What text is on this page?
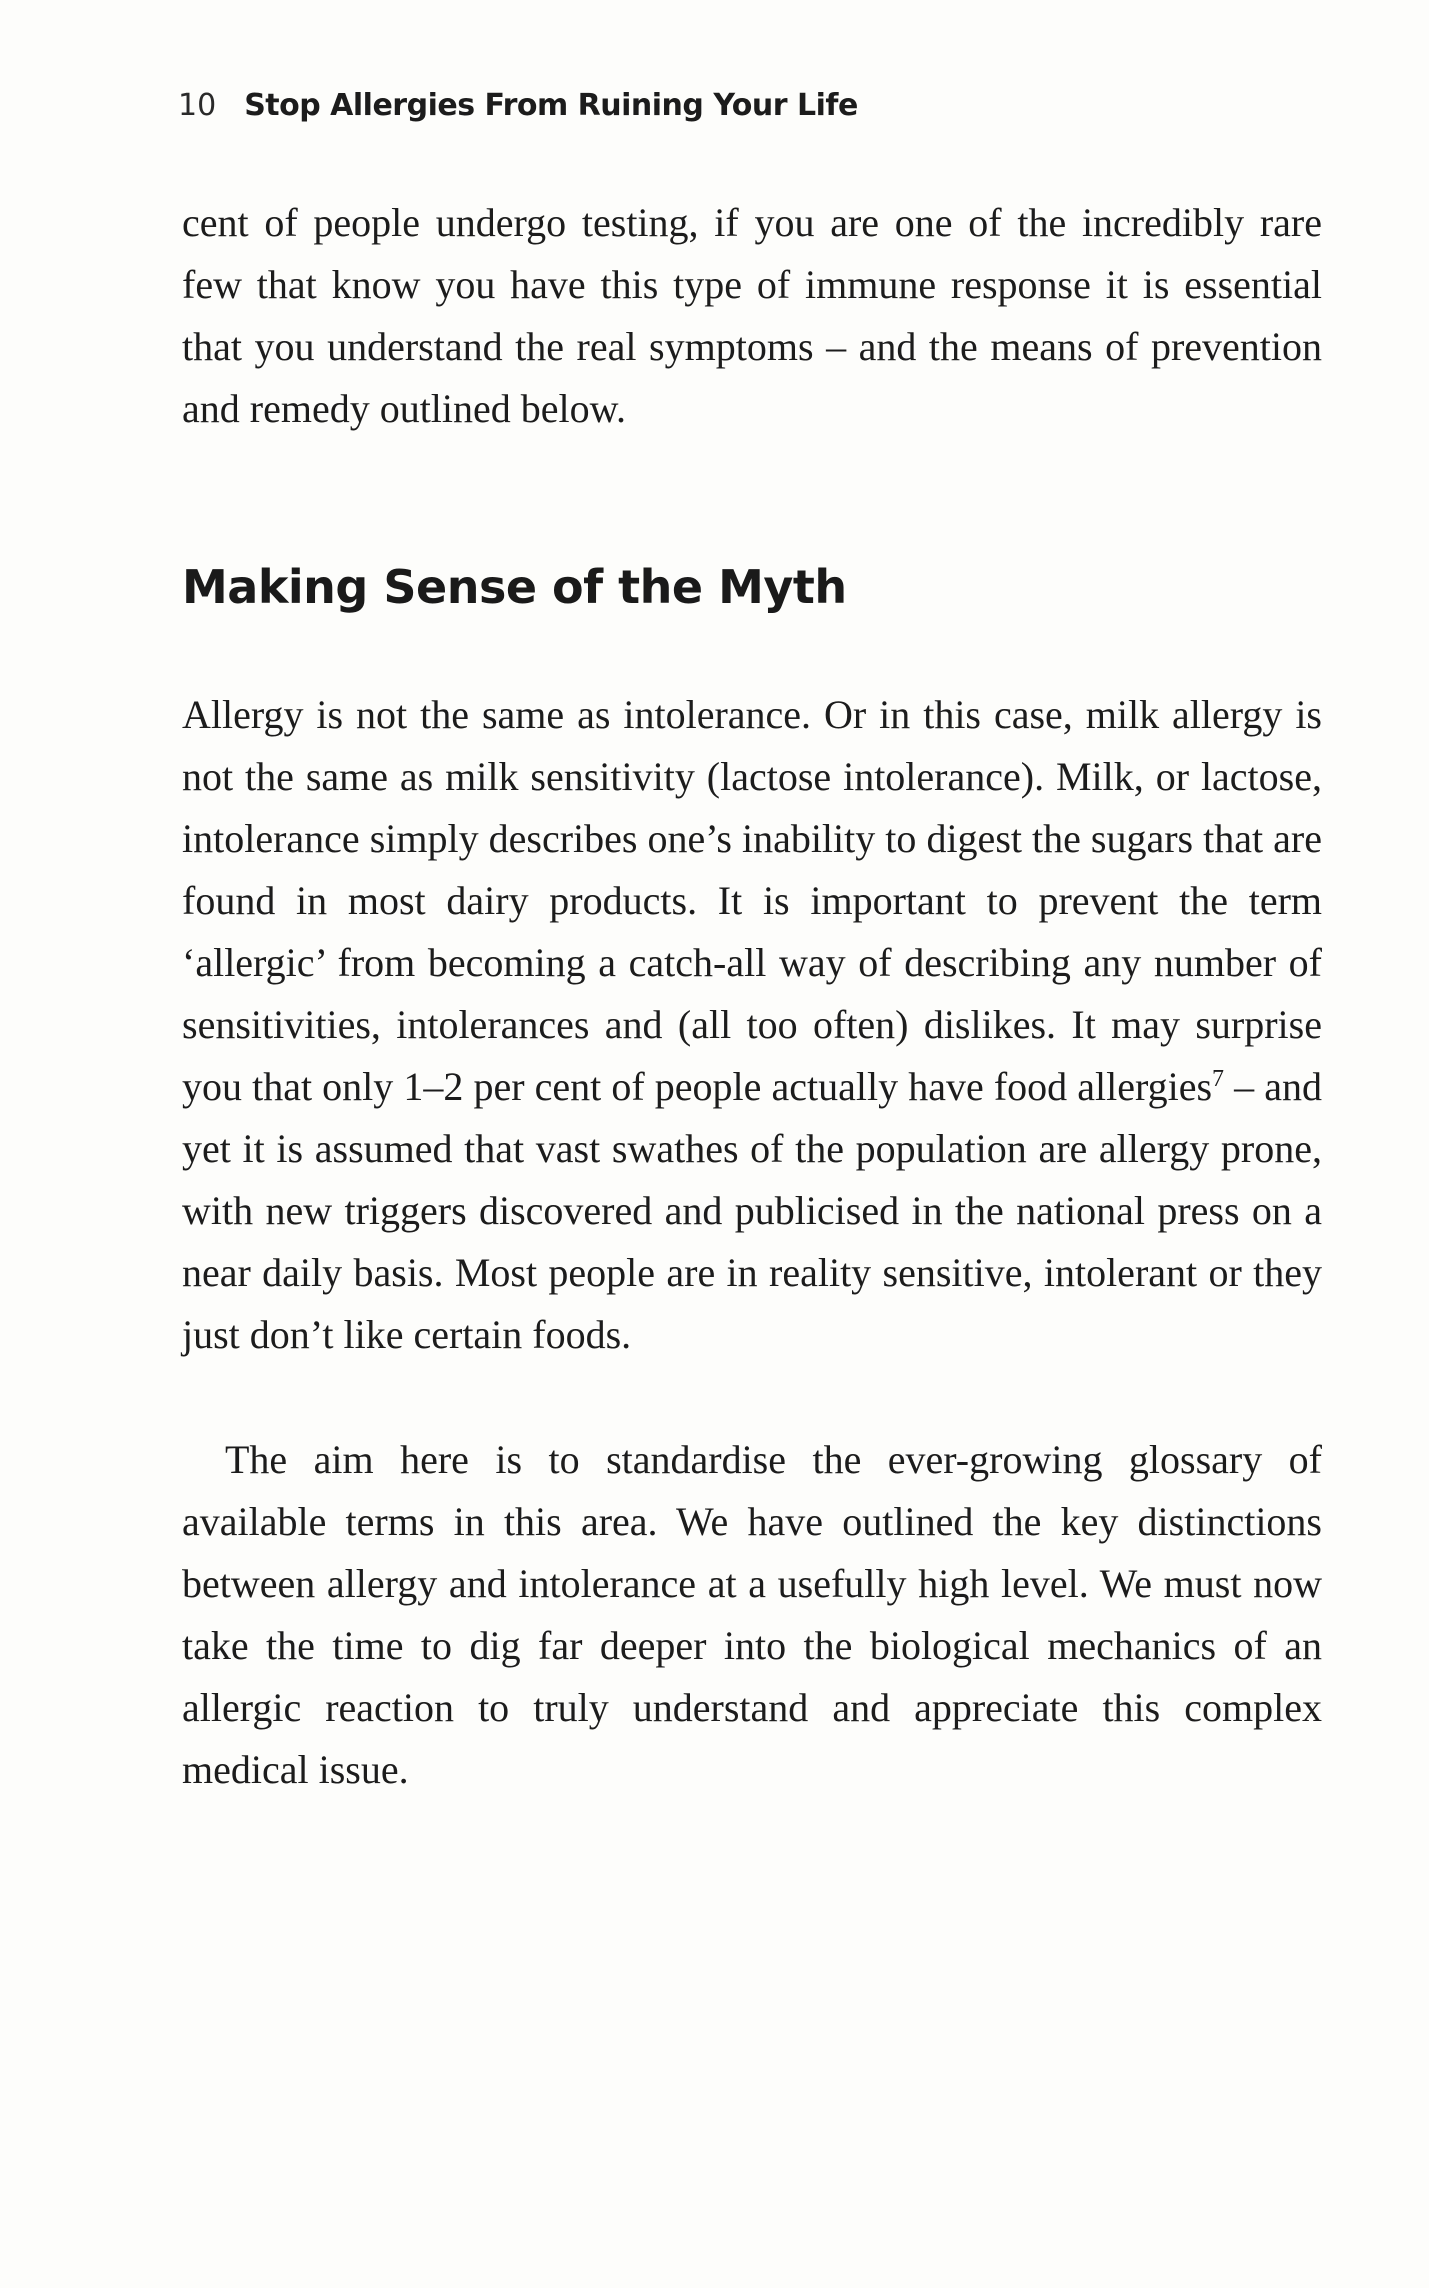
10 Stop Allergies From Ruining Your Life

cent of people undergo testing, if you are one of the incredibly rare few that know you have this type of immune response it is essential that you understand the real symptoms – and the means of prevention and remedy outlined below.

Making Sense of the Myth

Allergy is not the same as intolerance. Or in this case, milk allergy is not the same as milk sensitivity (lactose intolerance). Milk, or lactose, intolerance simply describes one’s inability to digest the sugars that are found in most dairy products. It is important to prevent the term ‘allergic’ from becoming a catch-all way of describing any number of sensitivities, intolerances and (all too often) dislikes. It may surprise you that only 1–2 per cent of people actually have food allergies$^7$ – and yet it is assumed that vast swathes of the population are allergy prone, with new triggers discovered and publicised in the national press on a near daily basis. Most people are in reality sensitive, intolerant or they just don’t like certain foods.

The aim here is to standardise the ever-growing glossary of available terms in this area. We have outlined the key distinctions between allergy and intolerance at a usefully high level. We must now take the time to dig far deeper into the biological mechanics of an allergic reaction to truly understand and appreciate this complex medical issue.
